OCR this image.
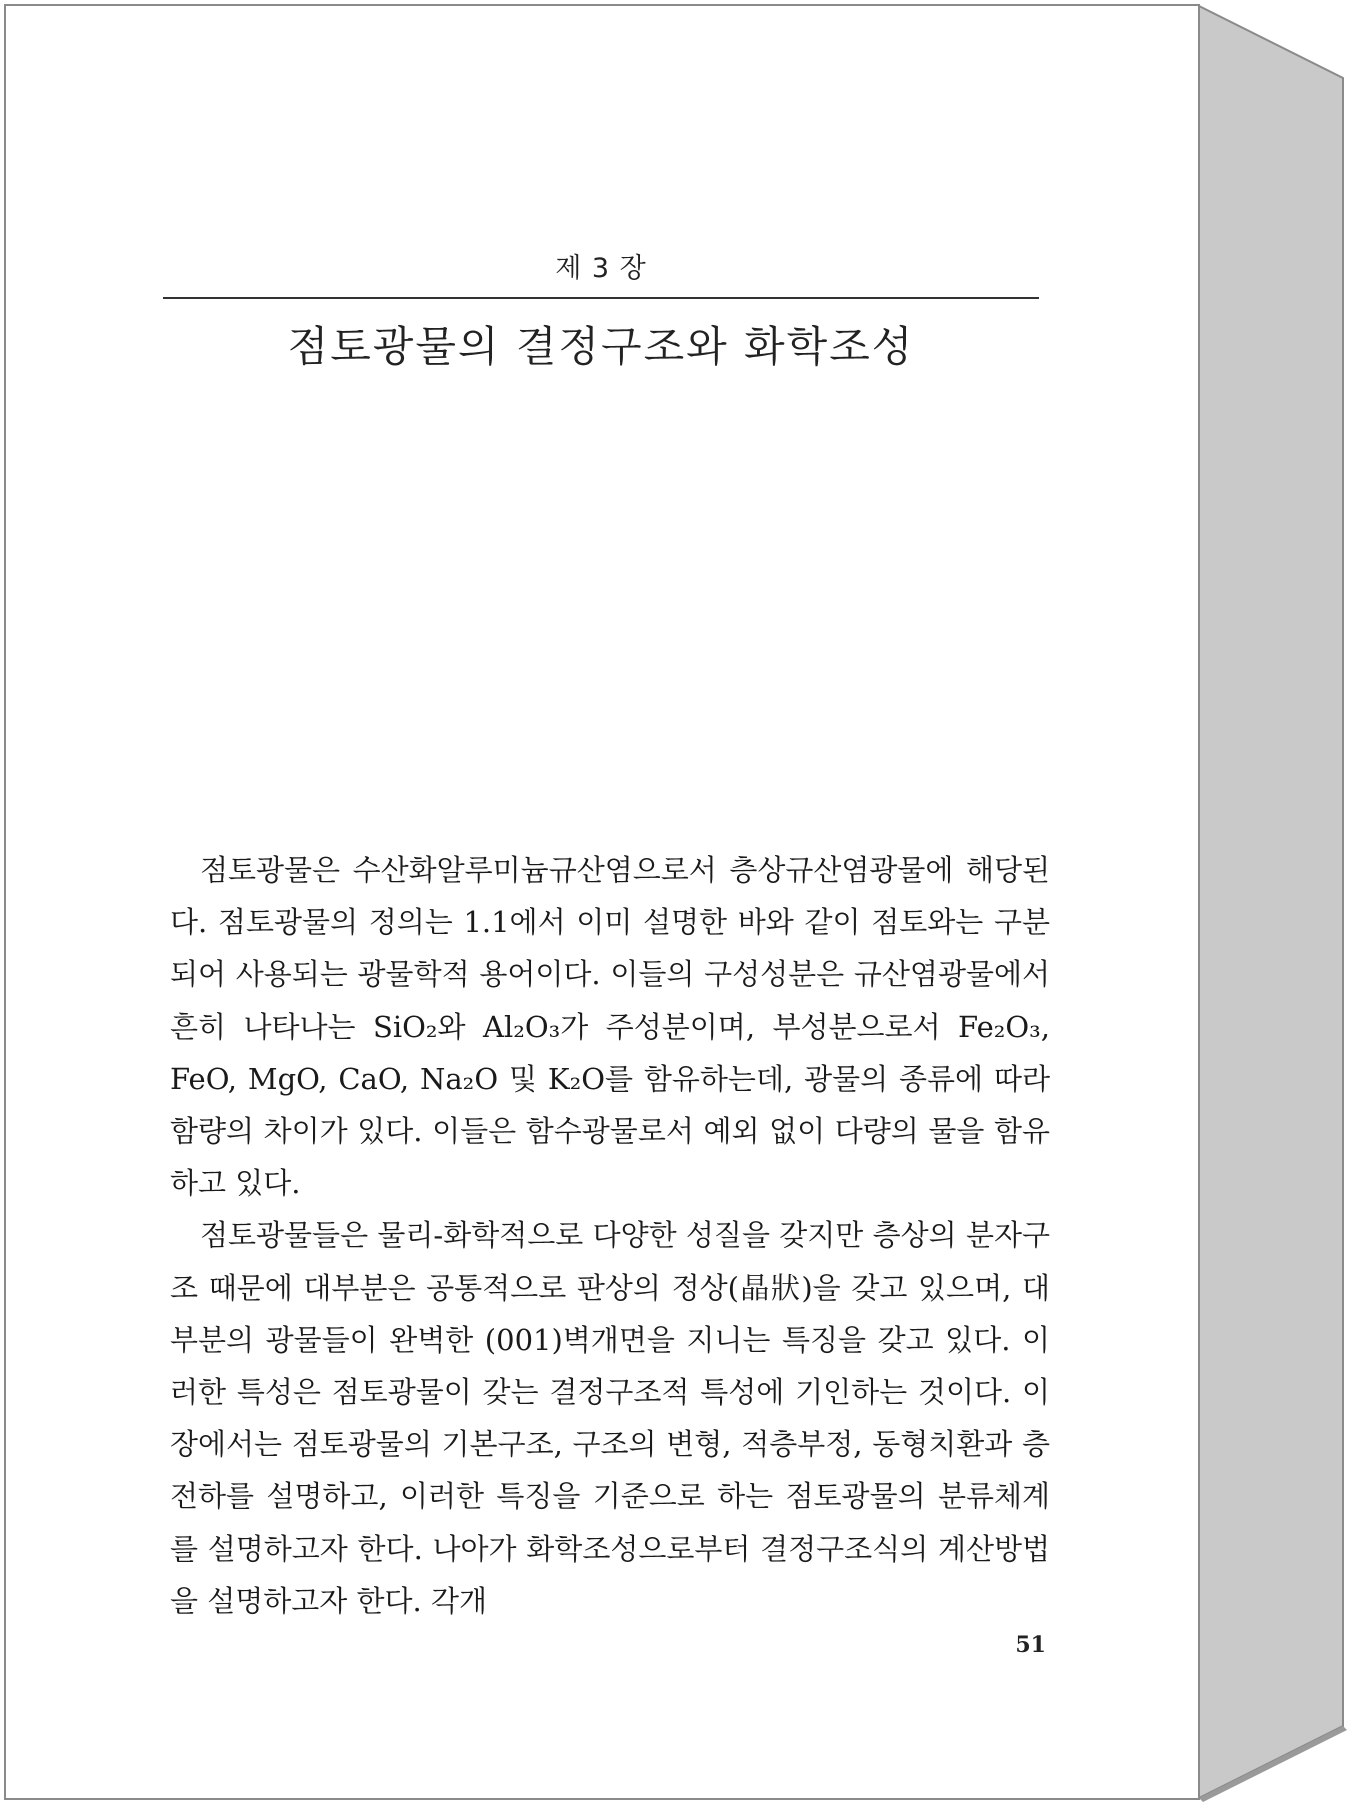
제 3 장
점토광물의 결정구조와 화학조성

점토광물은 수산화알루미늄규산염으로서 층상규산염광물에 해당된다. 점토광물의 정의는 1.1에서 이미 설명한 바와 같이 점토와는 구분되어 사용되는 광물학적 용어이다. 이들의 구성성분은 규산염광물에서 흔히 나타나는 SiO₂와 Al₂O₃가 주성분이며, 부성분으로서 Fe₂O₃, FeO, MgO, CaO, Na₂O 및 K₂O를 함유하는데, 광물의 종류에 따라 함량의 차이가 있다. 이들은 함수광물로서 예외 없이 다량의 물을 함유하고 있다.

점토광물들은 물리-화학적으로 다양한 성질을 갖지만 층상의 분자구조 때문에 대부분은 공통적으로 판상의 정상(晶狀)을 갖고 있으며, 대부분의 광물들이 완벽한 (001)벽개면을 지니는 특징을 갖고 있다. 이러한 특성은 점토광물이 갖는 결정구조적 특성에 기인하는 것이다. 이 장에서는 점토광물의 기본구조, 구조의 변형, 적층부정, 동형치환과 층전하를 설명하고, 이러한 특징을 기준으로 하는 점토광물의 분류체계를 설명하고자 한다. 나아가 화학조성으로부터 결정구조식의 계산방법을 설명하고자 한다. 각개

51
